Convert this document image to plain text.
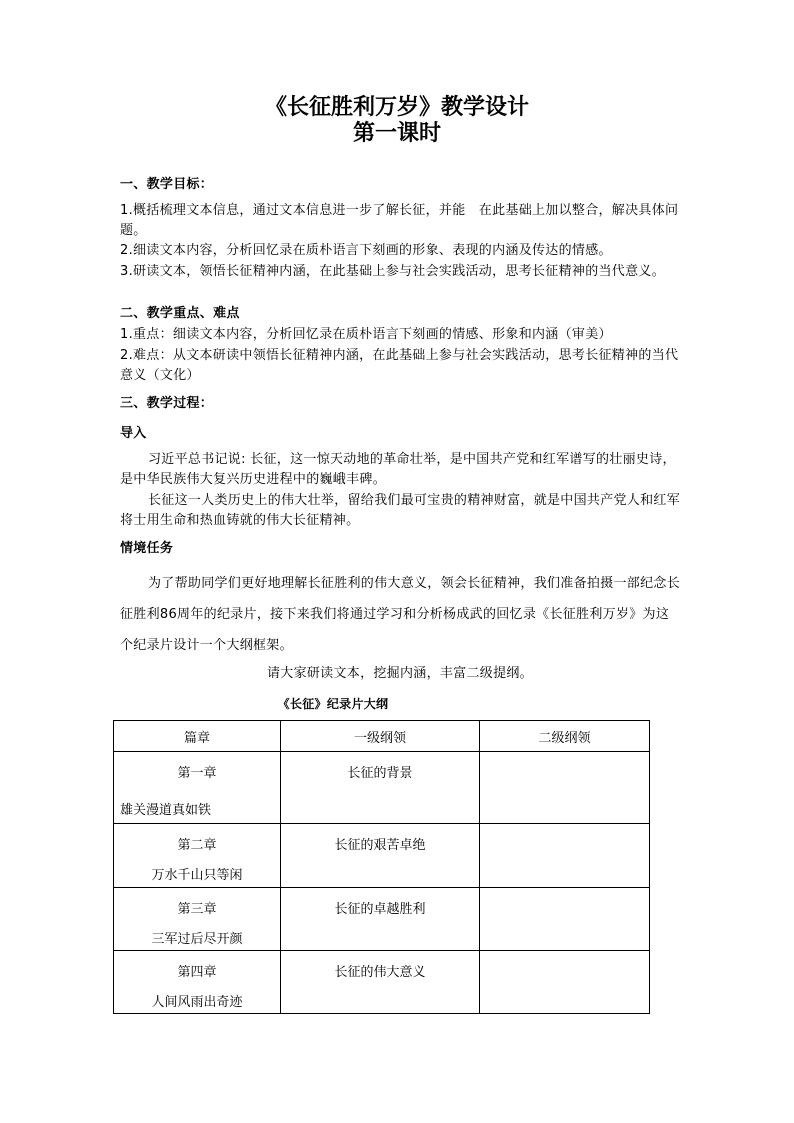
《长征胜利万岁》教学设计
第一课时
一、教学目标：
1.概括梳理文本信息，通过文本信息进一步了解长征，并能　在此基础上加以整合，解决具体问题。
2.细读文本内容，分析回忆录在质朴语言下刻画的形象、表现的内涵及传达的情感。
3.研读文本，领悟长征精神内涵，在此基础上参与社会实践活动，思考长征精神的当代意义。
二、教学重点、难点
1.重点：细读文本内容，分析回忆录在质朴语言下刻画的情感、形象和内涵（审美）
2.难点：从文本研读中领悟长征精神内涵，在此基础上参与社会实践活动，思考长征精神的当代意义（文化）
三、教学过程：
导入
习近平总书记说: 长征，这一惊天动地的革命壮举，是中国共产党和红军谱写的壮丽史诗，是中华民族伟大复兴历史进程中的巍峨丰碑。
长征这一人类历史上的伟大壮举，留给我们最可宝贵的精神财富，就是中国共产党人和红军将士用生命和热血铸就的伟大长征精神。
情境任务
为了帮助同学们更好地理解长征胜利的伟大意义，领会长征精神，我们准备拍摄一部纪念长征胜利86周年的纪录片，接下来我们将通过学习和分析杨成武的回忆录《长征胜利万岁》为这个纪录片设计一个大纲框架。
请大家研读文本，挖掘内涵，丰富二级提纲。
《长征》纪录片大纲
篇章	一级纲领	二级纲领

第一章
雄关漫道真如铁	长征的背景	

第二章
万水千山只等闲	长征的艰苦卓绝	

第三章
三军过后尽开颜	长征的卓越胜利	

第四章
人间风雨出奇迹	长征的伟大意义	
